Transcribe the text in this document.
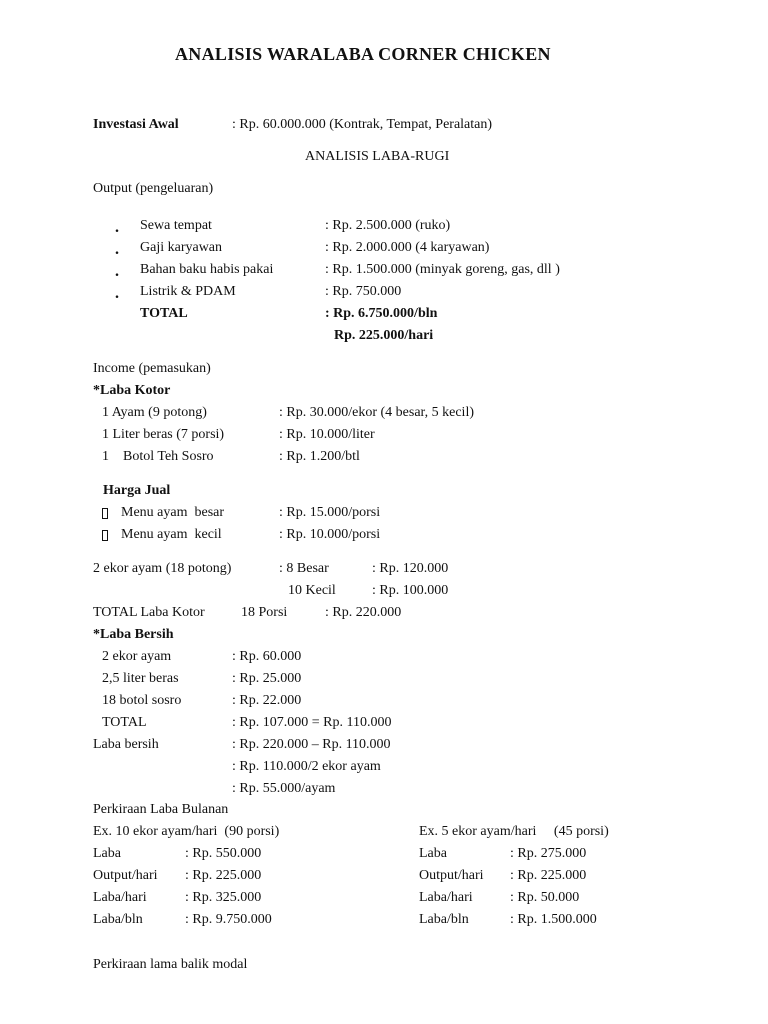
ANALISIS WARALABA CORNER CHICKEN
Investasi Awal	: Rp. 60.000.000 (Kontrak, Tempat, Peralatan)
ANALISIS LABA-RUGI
Output (pengeluaran)
. Sewa tempat	: Rp. 2.500.000 (ruko)
. Gaji karyawan	: Rp. 2.000.000 (4 karyawan)
. Bahan baku habis pakai	: Rp. 1.500.000 (minyak goreng, gas, dll )
. Listrik & PDAM	: Rp. 750.000
TOTAL	: Rp. 6.750.000/bln
Rp. 225.000/hari
Income (pemasukan)
*Laba Kotor
1 Ayam (9 potong)	: Rp. 30.000/ekor (4 besar, 5 kecil)
1 Liter beras (7 porsi)	: Rp. 10.000/liter
1    Botol Teh Sosro	: Rp. 1.200/btl
Harga Jual
Menu ayam  besar	: Rp. 15.000/porsi
Menu ayam  kecil	: Rp. 10.000/porsi
2 ekor ayam (18 potong)	: 8 Besar	: Rp. 120.000
10 Kecil	: Rp. 100.000
TOTAL Laba Kotor	18 Porsi	: Rp. 220.000
*Laba Bersih
2 ekor ayam	: Rp. 60.000
2,5 liter beras	: Rp. 25.000
18 botol sosro	: Rp. 22.000
TOTAL	: Rp. 107.000 = Rp. 110.000
Laba bersih	: Rp. 220.000 – Rp. 110.000
: Rp. 110.000/2 ekor ayam
: Rp. 55.000/ayam
Perkiraan Laba Bulanan
Ex. 10 ekor ayam/hari  (90 porsi)
Laba	: Rp. 550.000
Output/hari : Rp. 225.000
Laba/hari	: Rp. 325.000
Laba/bln	: Rp. 9.750.000
Ex. 5 ekor ayam/hari     (45 porsi)
Laba	: Rp. 275.000
Output/hari : Rp. 225.000
Laba/hari	: Rp. 50.000
Laba/bln	: Rp. 1.500.000
Perkiraan lama balik modal
